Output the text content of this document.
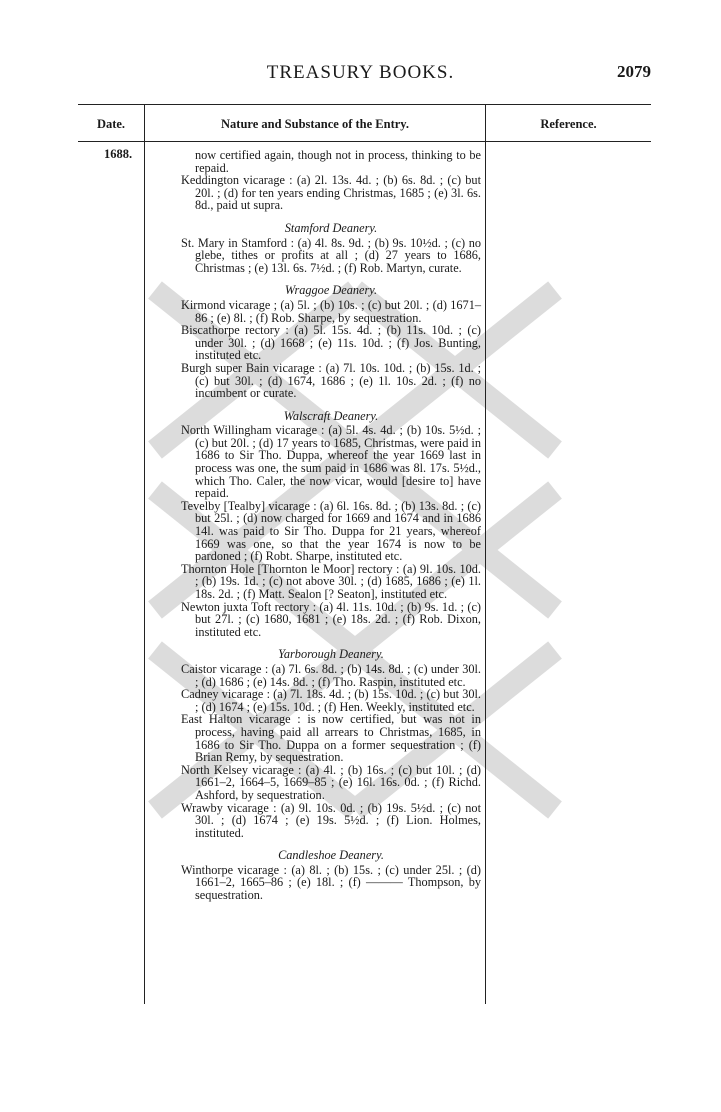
TREASURY BOOKS.	2079
Date.	Nature and Substance of the Entry.	Reference.
1688.	now certified again, though not in process, thinking to be repaid.

Keddington vicarage : (a) 2l. 13s. 4d. ; (b) 6s. 8d. ; (c) but 20l. ; (d) for ten years ending Christmas, 1685 ; (e) 3l. 6s. 8d., paid ut supra.

Stamford Deanery.

St. Mary in Stamford : (a) 4l. 8s. 9d. ; (b) 9s. 10½d. ; (c) no glebe, tithes or profits at all ; (d) 27 years to 1686, Christmas ; (e) 13l. 6s. 7½d. ; (f) Rob. Martyn, curate.

Wraggoe Deanery.

Kirmond vicarage ; (a) 5l. ; (b) 10s. ; (c) but 20l. ; (d) 1671–86 ; (e) 8l. ; (f) Rob. Sharpe, by sequestration.

Biscathorpe rectory : (a) 5l. 15s. 4d. ; (b) 11s. 10d. ; (c) under 30l. ; (d) 1668 ; (e) 11s. 10d. ; (f) Jos. Bunting, instituted etc.

Burgh super Bain vicarage : (a) 7l. 10s. 10d. ; (b) 15s. 1d. ; (c) but 30l. ; (d) 1674, 1686 ; (e) 1l. 10s. 2d. ; (f) no incumbent or curate.

Walscraft Deanery.

North Willingham vicarage : (a) 5l. 4s. 4d. ; (b) 10s. 5½d. ; (c) but 20l. ; (d) 17 years to 1685, Christmas, were paid in 1686 to Sir Tho. Duppa, whereof the year 1669 last in process was one, the sum paid in 1686 was 8l. 17s. 5½d., which Tho. Caler, the now vicar, would [desire to] have repaid.

Tevelby [Tealby] vicarage : (a) 6l. 16s. 8d. ; (b) 13s. 8d. ; (c) but 25l. ; (d) now charged for 1669 and 1674 and in 1686 14l. was paid to Sir Tho. Duppa for 21 years, whereof 1669 was one, so that the year 1674 is now to be pardoned ; (f) Robt. Sharpe, instituted etc.

Thornton Hole [Thornton le Moor] rectory : (a) 9l. 10s. 10d. ; (b) 19s. 1d. ; (c) not above 30l. ; (d) 1685, 1686 ; (e) 1l. 18s. 2d. ; (f) Matt. Sealon [? Seaton], instituted etc.

Newton juxta Toft rectory : (a) 4l. 11s. 10d. ; (b) 9s. 1d. ; (c) but 27l. ; (c) 1680, 1681 ; (e) 18s. 2d. ; (f) Rob. Dixon, instituted etc.

Yarborough Deanery.

Caistor vicarage : (a) 7l. 6s. 8d. ; (b) 14s. 8d. ; (c) under 30l. ; (d) 1686 ; (e) 14s. 8d. ; (f) Tho. Raspin, instituted etc.

Cadney vicarage : (a) 7l. 18s. 4d. ; (b) 15s. 10d. ; (c) but 30l. ; (d) 1674 ; (e) 15s. 10d. ; (f) Hen. Weekly, instituted etc.

East Halton vicarage : is now certified, but was not in process, having paid all arrears to Christmas, 1685, in 1686 to Sir Tho. Duppa on a former sequestration ; (f) Brian Remy, by sequestration.

North Kelsey vicarage : (a) 4l. ; (b) 16s. ; (c) but 10l. ; (d) 1661–2, 1664–5, 1669–85 ; (e) 16l. 16s. 0d. ; (f) Richd. Ashford, by sequestration.

Wrawby vicarage : (a) 9l. 10s. 0d. ; (b) 19s. 5½d. ; (c) not 30l. ; (d) 1674 ; (e) 19s. 5½d. ; (f) Lion. Holmes, instituted.

Candleshoe Deanery.

Winthorpe vicarage : (a) 8l. ; (b) 15s. ; (c) under 25l. ; (d) 1661–2, 1665–86 ; (e) 18l. ; (f) ——— Thompson, by sequestration.
